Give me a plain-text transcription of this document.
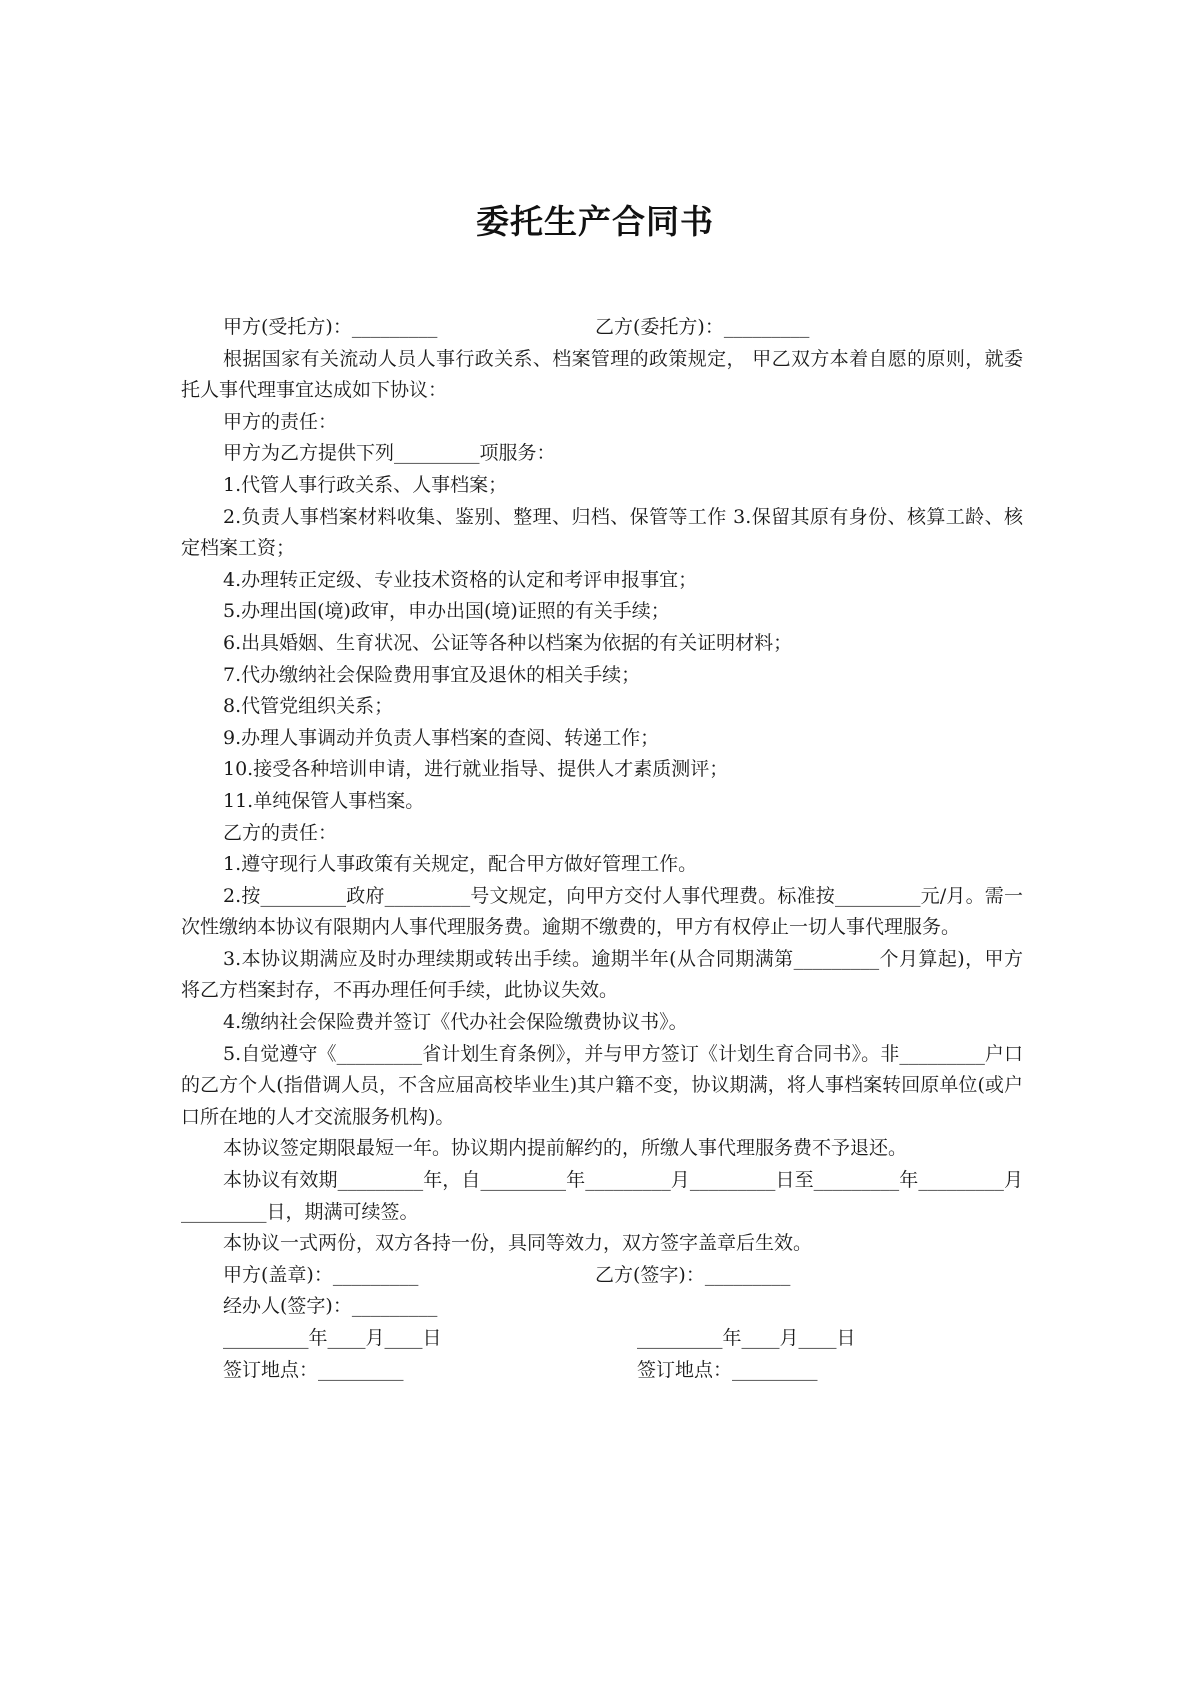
委托生产合同书
甲方(受托方)：_________	乙方(委托方)：_________

根据国家有关流动人员人事行政关系、档案管理的政策规定， 甲乙双方本着自愿的原则，就委托人事代理事宜达成如下协议：

甲方的责任：

甲方为乙方提供下列_________项服务：

1.代管人事行政关系、人事档案；

2.负责人事档案材料收集、鉴别、整理、归档、保管等工作 3.保留其原有身份、核算工龄、核定档案工资；

4.办理转正定级、专业技术资格的认定和考评申报事宜；

5.办理出国(境)政审，申办出国(境)证照的有关手续；

6.出具婚姻、生育状况、公证等各种以档案为依据的有关证明材料；

7.代办缴纳社会保险费用事宜及退休的相关手续；

8.代管党组织关系；

9.办理人事调动并负责人事档案的查阅、转递工作；

10.接受各种培训申请，进行就业指导、提供人才素质测评；

11.单纯保管人事档案。

乙方的责任：

1.遵守现行人事政策有关规定，配合甲方做好管理工作。

2.按_________政府_________号文规定，向甲方交付人事代理费。标准按_________元/月。需一次性缴纳本协议有限期内人事代理服务费。逾期不缴费的，甲方有权停止一切人事代理服务。

3.本协议期满应及时办理续期或转出手续。逾期半年(从合同期满第_________个月算起)，甲方将乙方档案封存，不再办理任何手续，此协议失效。

4.缴纳社会保险费并签订《代办社会保险缴费协议书》。

5.自觉遵守《_________省计划生育条例》，并与甲方签订《计划生育合同书》。非_________户口的乙方个人(指借调人员，不含应届高校毕业生)其户籍不变，协议期满，将人事档案转回原单位(或户口所在地的人才交流服务机构)。

本协议签定期限最短一年。协议期内提前解约的，所缴人事代理服务费不予退还。

本协议有效期_________年，自_________年_________月_________日至_________年_________月_________日，期满可续签。

本协议一式两份，双方各持一份，具同等效力，双方签字盖章后生效。

甲方(盖章)：_________	乙方(签字)：_________

经办人(签字)：_________

_________年____月____日	_________年____月____日
签订地点：_________	签订地点：_________
